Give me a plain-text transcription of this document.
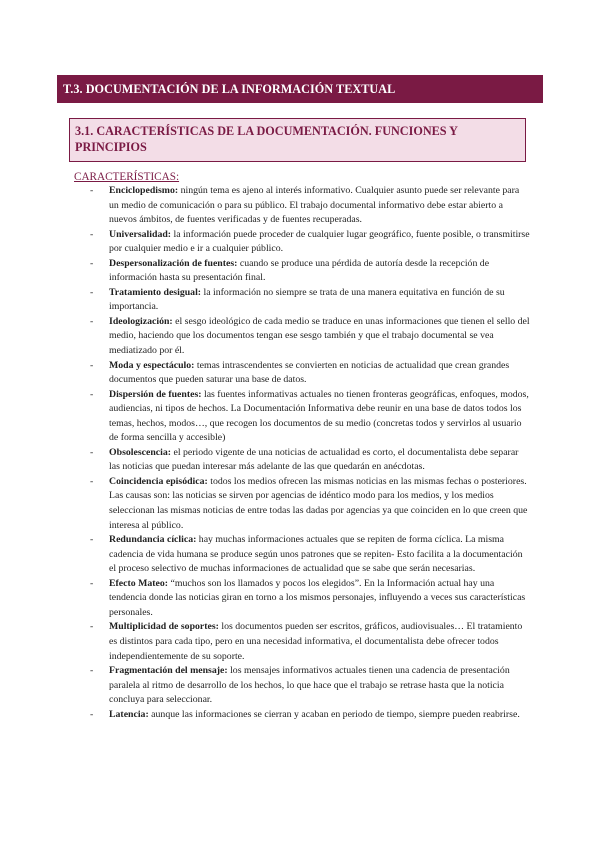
T.3. DOCUMENTACIÓN DE LA INFORMACIÓN TEXTUAL
3.1. CARACTERÍSTICAS DE LA DOCUMENTACIÓN. FUNCIONES Y PRINCIPIOS
CARACTERÍSTICAS:
- Enciclopedismo: ningún tema es ajeno al interés informativo. Cualquier asunto puede ser relevante para un medio de comunicación o para su público. El trabajo documental informativo debe estar abierto a nuevos ámbitos, de fuentes verificadas y de fuentes recuperadas.
- Universalidad: la información puede proceder de cualquier lugar geográfico, fuente posible, o transmitirse por cualquier medio e ir a cualquier público.
- Despersonalización de fuentes: cuando se produce una pérdida de autoría desde la recepción de información hasta su presentación final.
- Tratamiento desigual: la información no siempre se trata de una manera equitativa en función de su importancia.
- Ideologización: el sesgo ideológico de cada medio se traduce en unas informaciones que tienen el sello del medio, haciendo que los documentos tengan ese sesgo también y que el trabajo documental se vea mediatizado por él.
- Moda y espectáculo: temas intrascendentes se convierten en noticias de actualidad que crean grandes documentos que pueden saturar una base de datos.
- Dispersión de fuentes: las fuentes informativas actuales no tienen fronteras geográficas, enfoques, modos, audiencias, ni tipos de hechos. La Documentación Informativa debe reunir en una base de datos todos los temas, hechos, modos…, que recogen los documentos de su medio (concretas todos y servirlos al usuario de forma sencilla y accesible)
- Obsolescencia: el periodo vigente de una noticias de actualidad es corto, el documentalista debe separar las noticias que puedan interesar más adelante de las que quedarán en anécdotas.
- Coincidencia episódica: todos los medios ofrecen las mismas noticias en las mismas fechas o posteriores. Las causas son: las noticias se sirven por agencias de idéntico modo para los medios, y los medios seleccionan las mismas noticias de entre todas las dadas por agencias ya que coinciden en lo que creen que interesa al público.
- Redundancia cíclica: hay muchas informaciones actuales que se repiten de forma cíclica. La misma cadencia de vida humana se produce según unos patrones que se repiten- Esto facilita a la documentación el proceso selectivo de muchas informaciones de actualidad que se sabe que serán necesarias.
- Efecto Mateo: “muchos son los llamados y pocos los elegidos”. En la Información actual hay una tendencia donde las noticias giran en torno a los mismos personajes, influyendo a veces sus características personales.
- Multiplicidad de soportes: los documentos pueden ser escritos, gráficos, audiovisuales… El tratamiento es distintos para cada tipo, pero en una necesidad informativa, el documentalista debe ofrecer todos independientemente de su soporte.
- Fragmentación del mensaje: los mensajes informativos actuales tienen una cadencia de presentación paralela al ritmo de desarrollo de los hechos, lo que hace que el trabajo se retrase hasta que la noticia concluya para seleccionar.
- Latencia: aunque las informaciones se cierran y acaban en periodo de tiempo, siempre pueden reabrirse.
